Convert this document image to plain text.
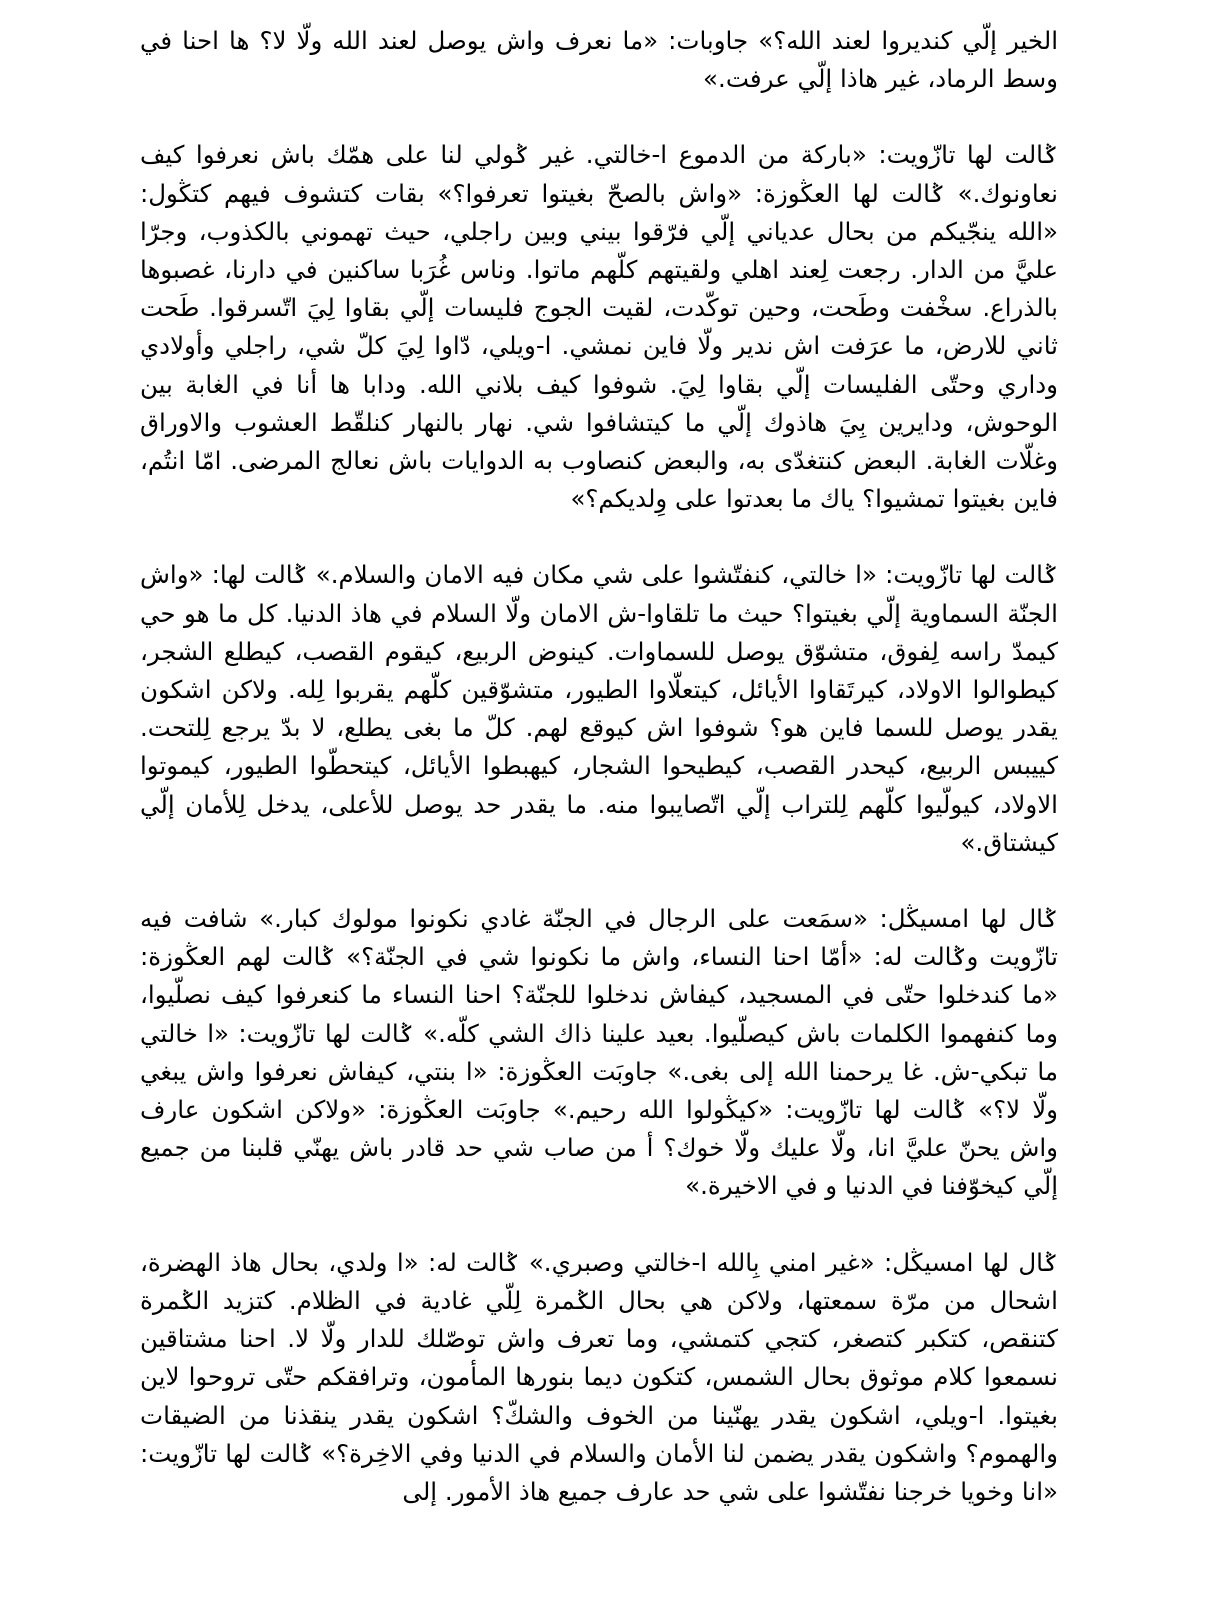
الخير إلّي كنديروا لعند الله؟» جاوبات: «ما نعرف واش يوصل لعند الله ولّا لا؟ ها احنا في وسط الرماد، غير هاذا إلّي عرفت.»

ݣالت لها تازّويت: «باركة من الدموع ا-خالتي. غير ݣولي لنا على همّك باش نعرفوا كيف نعاونوك.» ݣالت لها العڭوزة: «واش بالصحّ بغيتوا تعرفوا؟» بقات كتشوف فيهم كتڭول: «الله ينجّيكم من بحال عدياني إلّي فرّقوا بيني وبين راجلي، حيث تهموني بالكذوب، وجرّا عليَّ من الدار. رجعت لِعند اهلي ولقيتهم كلّهم ماتوا. وناس غُرَبا ساكنين في دارنا، غصبوها بالذراع. سخْفت وطَحت، وحين توكّدت، لقيت الجوج فليسات إلّي بقاوا لِيَ اتّسرقوا. طَحت ثاني للارض، ما عرَفت اش ندير ولّا فاين نمشي. ا-ويلي، دّاوا لِيَ كلّ شي، راجلي وأولادي وداري وحتّى الفليسات إلّي بقاوا لِيَ. شوفوا كيف بلاني الله. ودابا ها أنا في الغابة بين الوحوش، ودايرين بِيَ هاذوك إلّي ما كيتشافوا شي. نهار بالنهار كنلقّط العشوب والاوراق وغلّات الغابة. البعض كنتغدّى به، والبعض كنصاوب به الدوايات باش نعالج المرضى. امّا انتُم، فاين بغيتوا تمشيوا؟ ياك ما بعدتوا على وِلديكم؟»

ݣالت لها تازّويت: «ا خالتي، كنفتّشوا على شي مكان فيه الامان والسلام.» ݣالت لها: «واش الجنّة السماوية إلّي بغيتوا؟ حيث ما تلقاوا-ش الامان ولّا السلام في هاذ الدنيا. كل ما هو حي كيمدّ راسه لِفوق، متشوّق يوصل للسماوات. كينوض الربيع، كيقوم القصب، كيطلع الشجر، كيطوالوا الاولاد، كيرتَقاوا الأيائل، كيتعلّاوا الطيور، متشوّقين كلّهم يقربوا لِله. ولاكن اشكون يقدر يوصل للسما فاين هو؟ شوفوا اش كيوقع لهم. كلّ ما بغى يطلع، لا بدّ يرجع لِلتحت. كييبس الربيع، كيحدر القصب، كيطيحوا الشجار، كيهبطوا الأيائل، كيتحطّوا الطيور، كيموتوا الاولاد، كيولّيوا كلّهم لِلتراب إلّي اتّصايبوا منه. ما يقدر حد يوصل للأعلى، يدخل لِلأمان إلّي كيشتاق.»

ݣال لها امسيڭل: «سمَعت على الرجال في الجنّة غادي نكونوا مولوك كبار.» شافت فيه تازّويت وݣالت له: «أمّا احنا النساء، واش ما نكونوا شي في الجنّة؟» ݣالت لهم العڭوزة: «ما كندخلوا حتّى في المسجيد، كيفاش ندخلوا للجنّة؟ احنا النساء ما كنعرفوا كيف نصلّيوا، وما كنفهموا الكلمات باش كيصلّيوا. بعيد علينا ذاك الشي كلّه.» ݣالت لها تازّويت: «ا خالتي ما تبكي-ش. غا يرحمنا الله إلى بغى.» جاوبَت العڭوزة: «ا بنتي، كيفاش نعرفوا واش يبغي ولّا لا؟» ݣالت لها تازّويت: «كيڭولوا الله رحيم.» جاوبَت العڭوزة: «ولاكن اشكون عارف واش يحنّ عليَّ انا، ولّا عليك ولّا خوك؟ أ من صاب شي حد قادر باش يهنّي قلبنا من جميع إلّي كيخوّفنا في الدنيا و في الاخيرة.»

ݣال لها امسيڭل: «غير امني بِالله ا-خالتي وصبري.» ݣالت له: «ا ولدي، بحال هاذ الهضرة، اشحال من مرّة سمعتها، ولاكن هي بحال الݣمرة لِلّي غادية في الظلام. كتزيد الݣمرة كتنقص، كتكبر كتصغر، كتجي كتمشي، وما تعرف واش توصّلك للدار ولّا لا. احنا مشتاقين نسمعوا كلام موثوق بحال الشمس، كتكون ديما بنورها المأمون، وترافقكم حتّى تروحوا لاين بغيتوا. ا-ويلي، اشكون يقدر يهنّينا من الخوف والشكّ؟ اشكون يقدر ينقذنا من الضيقات والهموم؟ واشكون يقدر يضمن لنا الأمان والسلام في الدنيا وفي الاخِرة؟» ݣالت لها تازّويت: «انا وخويا خرجنا نفتّشوا على شي حد عارف جميع هاذ الأمور. إلى
